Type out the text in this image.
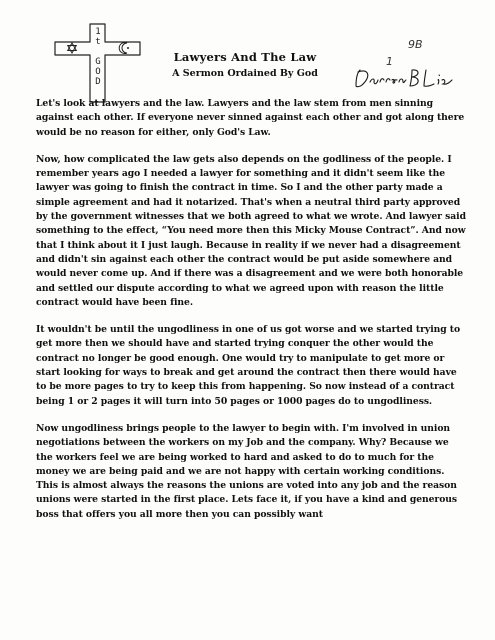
1
t
G
O
D
Lawyers And The Law
A Sermon Ordained By God
9B
1

Let's look at lawyers and the law. Lawyers and the law stem from men sinning against each other. If everyone never sinned against each other and got along there would be no reason for either, only God's Law.

Now, how complicated the law gets also depends on the godliness of the people. I remember years ago I needed a lawyer for something and it didn't seem like the lawyer was going to finish the contract in time. So I and the other party made a simple agreement and had it notarized. That's when a neutral third party approved by the government witnesses that we both agreed to what we wrote. And lawyer said something to the effect, “You need more then this Micky Mouse Contract”. And now that I think about it I just laugh. Because in reality if we never had a disagreement and didn't sin against each other the contract would be put aside somewhere and would never come up. And if there was a disagreement and we were both honorable and settled our dispute according to what we agreed upon with reason the little contract would have been fine.

It wouldn't be until the ungodliness in one of us got worse and we started trying to get more then we should have and started trying conquer the other would the contract no longer be good enough. One would try to manipulate to get more or start looking for ways to break and get around the contract then there would have to be more pages to try to keep this from happening. So now instead of a contract being 1 or 2 pages it will turn into 50 pages or 1000 pages do to ungodliness.

Now ungodliness brings people to the lawyer to begin with. I'm involved in union negotiations between the workers on my Job and the company. Why? Because we the workers feel we are being worked to hard and asked to do to much for the money we are being paid and we are not happy with certain working conditions. This is almost always the reasons the unions are voted into any job and the reason unions were started in the first place. Lets face it, if you have a kind and generous boss that offers you all more then you can possibly want
